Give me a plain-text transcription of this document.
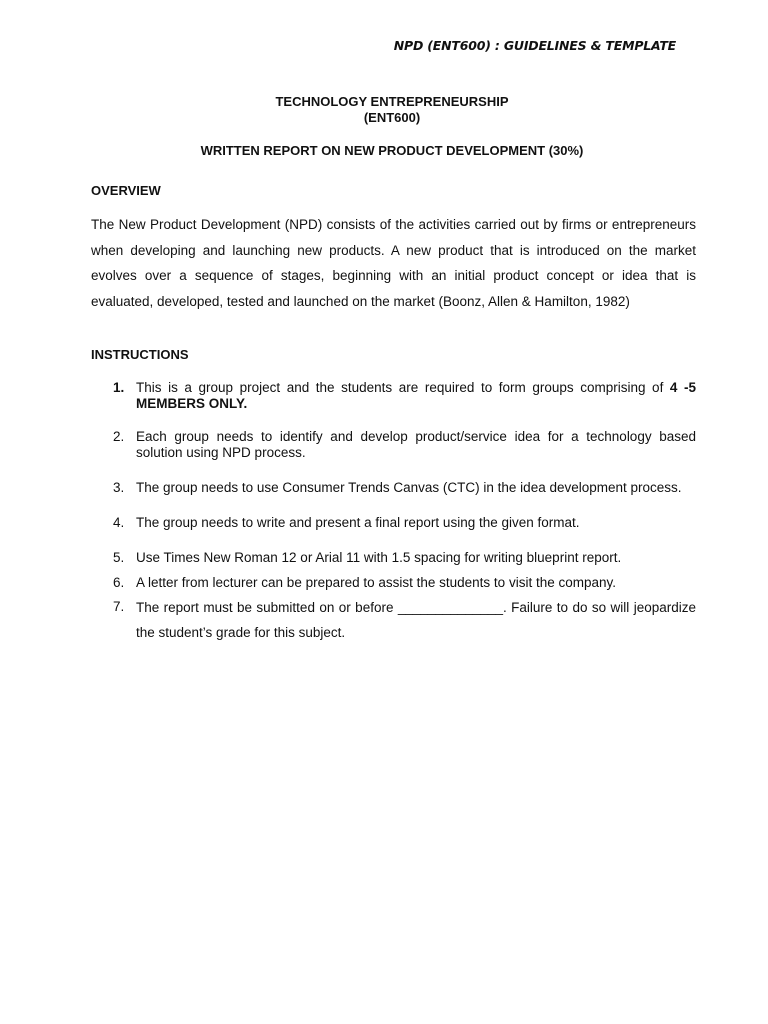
NPD (ENT600) : GUIDELINES & TEMPLATE
TECHNOLOGY ENTREPRENEURSHIP
(ENT600)
WRITTEN REPORT ON NEW PRODUCT DEVELOPMENT (30%)
OVERVIEW
The New Product Development (NPD) consists of the activities carried out by firms or entrepreneurs when developing and launching new products. A new product that is introduced on the market evolves over a sequence of stages, beginning with an initial product concept or idea that is evaluated, developed, tested and launched on the market (Boonz, Allen & Hamilton, 1982)
INSTRUCTIONS
1. This is a group project and the students are required to form groups comprising of 4 -5 MEMBERS ONLY.
2. Each group needs to identify and develop product/service idea for a technology based solution using NPD process.
3. The group needs to use Consumer Trends Canvas (CTC) in the idea development process.
4. The group needs to write and present a final report using the given format.
5. Use Times New Roman 12 or Arial 11 with 1.5 spacing for writing blueprint report.
6. A letter from lecturer can be prepared to assist the students to visit the company.
7. The report must be submitted on or before ______________. Failure to do so will jeopardize the student’s grade for this subject.
